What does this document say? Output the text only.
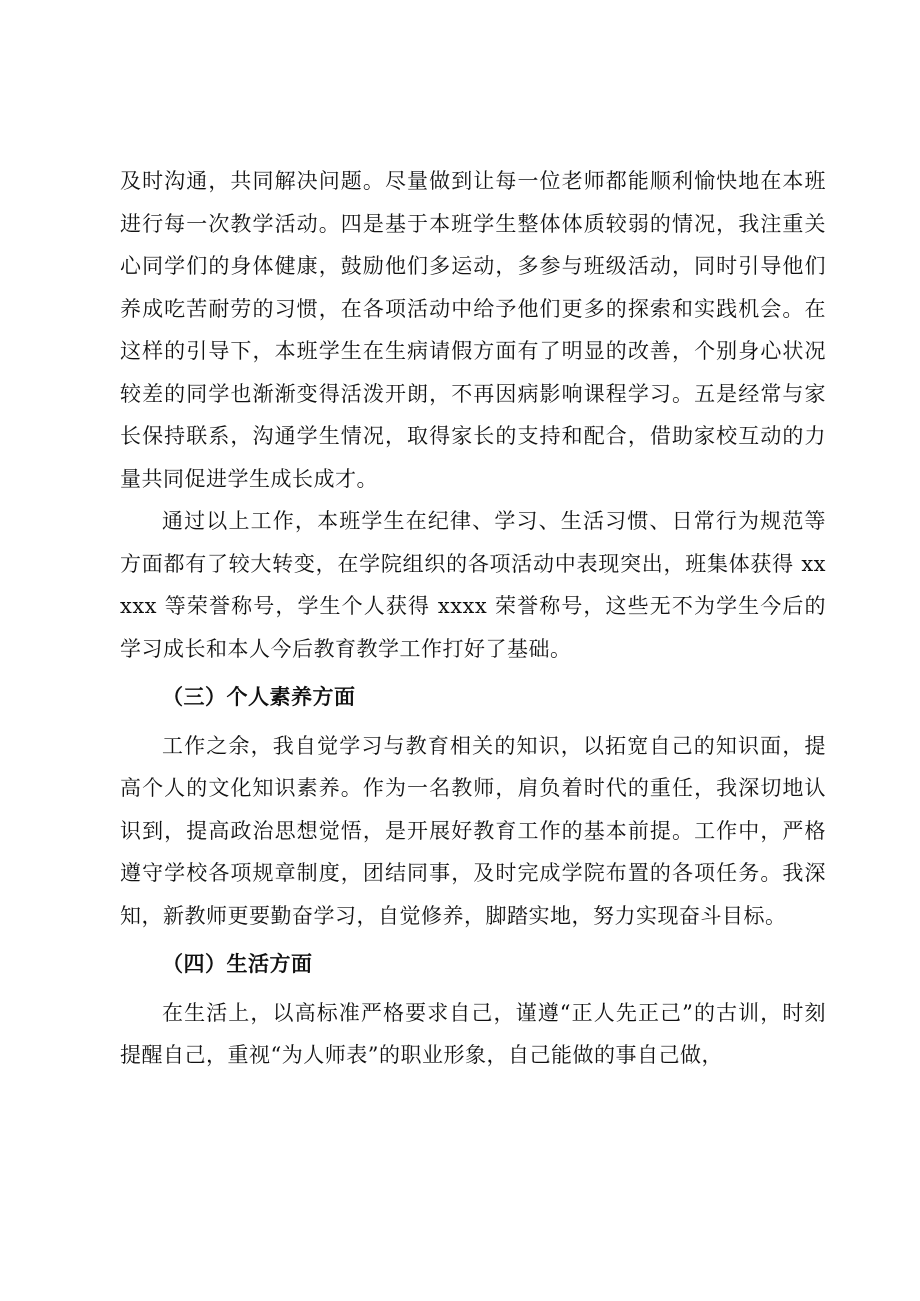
及时沟通，共同解决问题。尽量做到让每一位老师都能顺利愉快地在本班进行每一次教学活动。四是基于本班学生整体体质较弱的情况，我注重关心同学们的身体健康，鼓励他们多运动，多参与班级活动，同时引导他们养成吃苦耐劳的习惯，在各项活动中给予他们更多的探索和实践机会。在这样的引导下，本班学生在生病请假方面有了明显的改善，个别身心状况较差的同学也渐渐变得活泼开朗，不再因病影响课程学习。五是经常与家长保持联系，沟通学生情况，取得家长的支持和配合，借助家校互动的力量共同促进学生成长成才。

通过以上工作，本班学生在纪律、学习、生活习惯、日常行为规范等方面都有了较大转变，在学院组织的各项活动中表现突出，班集体获得 xxxxx 等荣誉称号，学生个人获得 xxxx 荣誉称号，这些无不为学生今后的学习成长和本人今后教育教学工作打好了基础。

（三）个人素养方面

工作之余，我自觉学习与教育相关的知识，以拓宽自己的知识面，提高个人的文化知识素养。作为一名教师，肩负着时代的重任，我深切地认识到，提高政治思想觉悟，是开展好教育工作的基本前提。工作中，严格遵守学校各项规章制度，团结同事，及时完成学院布置的各项任务。我深知，新教师更要勤奋学习，自觉修养，脚踏实地，努力实现奋斗目标。

（四）生活方面

在生活上，以高标准严格要求自己，谨遵“正人先正己”的古训，时刻提醒自己，重视“为人师表”的职业形象，自己能做的事自己做，
